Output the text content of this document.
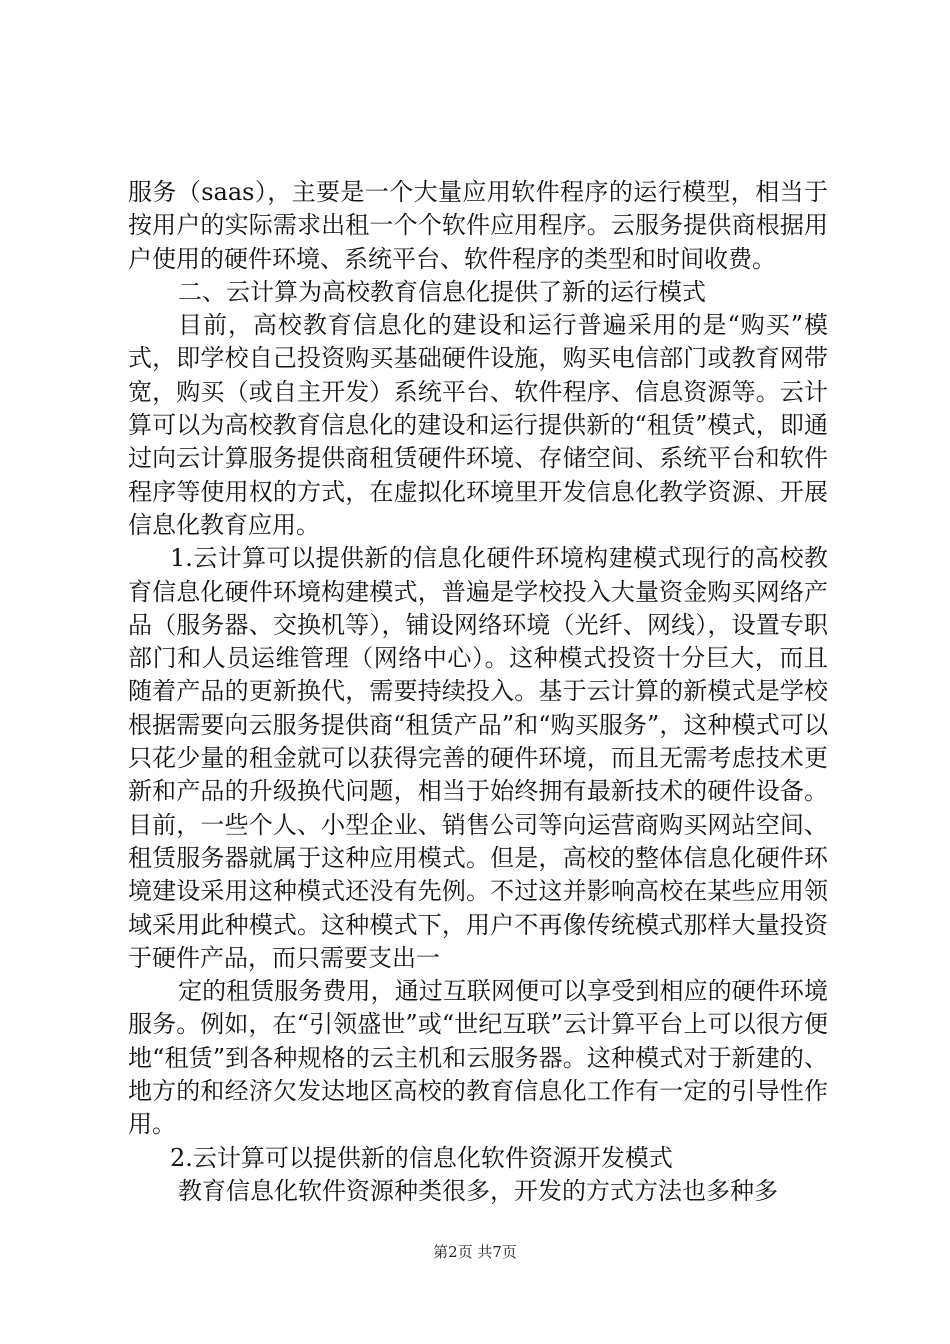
服务（saas），主要是一个大量应用软件程序的运行模型，相当于按用户的实际需求出租一个个软件应用程序。云服务提供商根据用户使用的硬件环境、系统平台、软件程序的类型和时间收费。

二、云计算为高校教育信息化提供了新的运行模式

目前，高校教育信息化的建设和运行普遍采用的是“购买”模式，即学校自己投资购买基础硬件设施，购买电信部门或教育网带宽，购买（或自主开发）系统平台、软件程序、信息资源等。云计算可以为高校教育信息化的建设和运行提供新的“租赁”模式，即通过向云计算服务提供商租赁硬件环境、存储空间、系统平台和软件程序等使用权的方式，在虚拟化环境里开发信息化教学资源、开展信息化教育应用。

1.云计算可以提供新的信息化硬件环境构建模式现行的高校教育信息化硬件环境构建模式，普遍是学校投入大量资金购买网络产品（服务器、交换机等），铺设网络环境（光纤、网线），设置专职部门和人员运维管理（网络中心）。这种模式投资十分巨大，而且随着产品的更新换代，需要持续投入。基于云计算的新模式是学校根据需要向云服务提供商“租赁产品”和“购买服务”，这种模式可以只花少量的租金就可以获得完善的硬件环境，而且无需考虑技术更新和产品的升级换代问题，相当于始终拥有最新技术的硬件设备。目前，一些个人、小型企业、销售公司等向运营商购买网站空间、租赁服务器就属于这种应用模式。但是，高校的整体信息化硬件环境建设采用这种模式还没有先例。不过这并影响高校在某些应用领域采用此种模式。这种模式下，用户不再像传统模式那样大量投资于硬件产品，而只需要支出一

定的租赁服务费用，通过互联网便可以享受到相应的硬件环境服务。例如，在“引领盛世”或“世纪互联”云计算平台上可以很方便地“租赁”到各种规格的云主机和云服务器。这种模式对于新建的、地方的和经济欠发达地区高校的教育信息化工作有一定的引导性作用。

2.云计算可以提供新的信息化软件资源开发模式

教育信息化软件资源种类很多，开发的方式方法也多种多

第2页 共7页
